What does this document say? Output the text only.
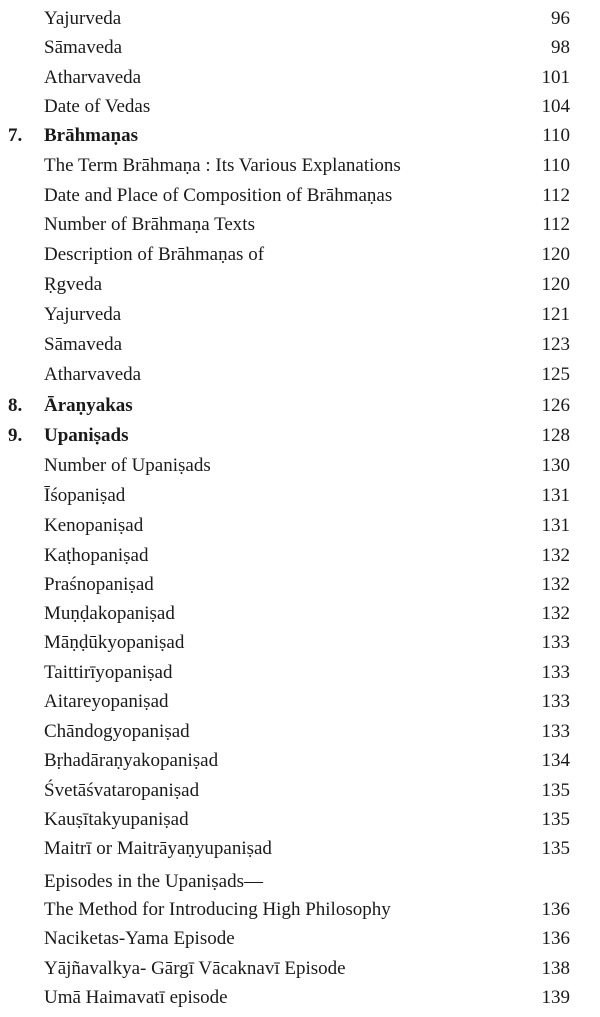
Yajurveda	96
Sāmaveda	98
Atharvaveda	101
Date of Vedas	104
7. Brāhmaṇas	110
The Term Brāhmaṇa : Its Various Explanations	110
Date and Place of Composition of Brāhmaṇas	112
Number of Brāhmaṇa Texts	112
Description of Brāhmaṇas of	120
Ṛgveda	120
Yajurveda	121
Sāmaveda	123
Atharvaveda	125
8. Āraṇyakas	126
9. Upaniṣads	128
Number of Upaniṣads	130
Īśopaniṣad	131
Kenopaniṣad	131
Kaṭhopaniṣad	132
Praśnopaniṣad	132
Muṇḍakopaniṣad	132
Māṇḍūkyopaniṣad	133
Taittirīyopaniṣad	133
Aitareyopaniṣad	133
Chāndogyopaniṣad	133
Bṛhadāraṇyakopaniṣad	134
Śvetāśvataropaniṣad	135
Kauṣītakyupaniṣad	135
Maitrī or Maitrāyaṇyupaniṣad	135
Episodes in the Upaniṣads—
The Method for Introducing High Philosophy	136
Naciketas-Yama Episode	136
Yājñavalkya- Gārgī Vācaknavī Episode	138
Umā Haimavatī episode	139
